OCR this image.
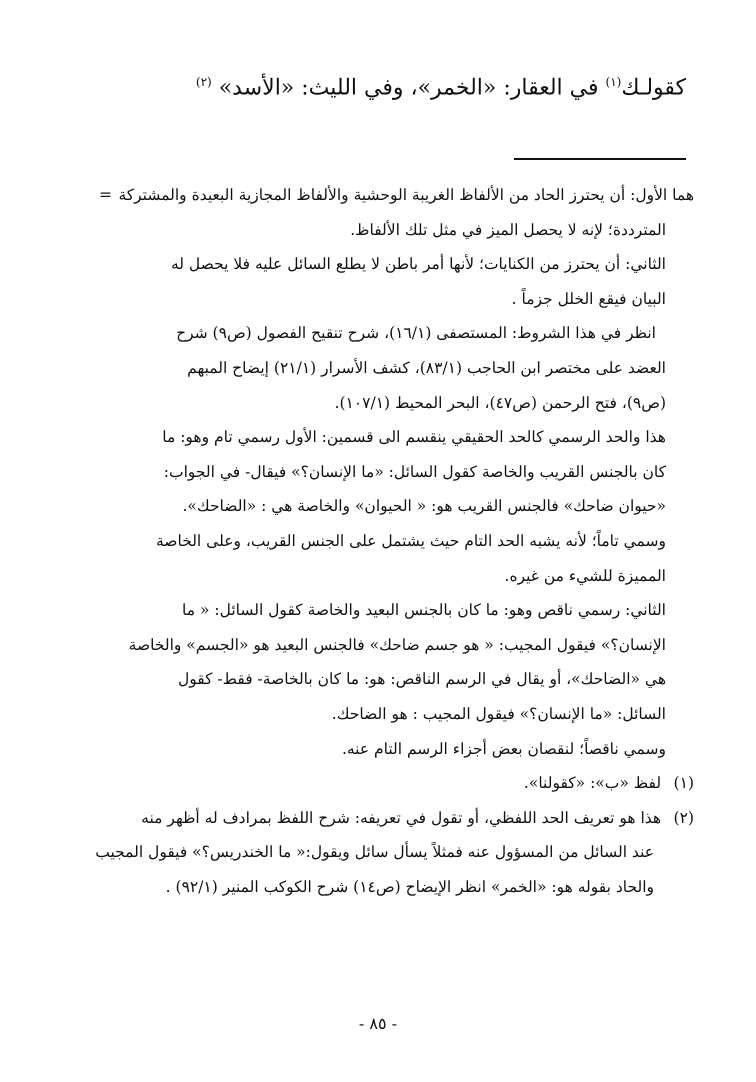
كقولـك$^{(١)}$ في العقار: «الخمر»، وفي الليث: «الأسد» $^{(٢)}$

هما الأول: أن يحترز الحاد من الألفاظ الغريبة الوحشية والألفاظ المجازية البعيدة والمشتركة =

المترددة؛ لإنه لا يحصل الميز في مثل تلك الألفاظ.

الثاني: أن يحترز من الكنايات؛ لأنها أمر باطن لا يطلع السائل عليه فلا يحصل له

البيان فيقع الخلل جزماً .

انظر في هذا الشروط: المستصفى (١٦/١)، شرح تنقيح الفصول (ص٩) شرح

العضد على مختصر ابن الحاجب (٨٣/١)، كشف الأسرار (٢١/١) إيضاح المبهم

(ص٩)، فتح الرحمن (ص٤٧)، البحر المحيط (١٠٧/١).

هذا والحد الرسمي كالحد الحقيقي ينقسم الى قسمين: الأول رسمي تام وهو: ما

كان بالجنس القريب والخاصة كقول السائل: «ما الإنسان؟» فيقال- في الجواب:

«حيوان ضاحك» فالجنس القريب هو: « الحيوان» والخاصة هي : «الضاحك».

وسمي تاماً؛ لأنه يشبه الحد التام حيث يشتمل على الجنس القريب، وعلى الخاصة

المميزة للشيء من غيره.

الثاني: رسمي ناقص وهو: ما كان بالجنس البعيد والخاصة كقول السائل: « ما

الإنسان؟» فيقول المجيب: « هو جسم ضاحك» فالجنس البعيد هو «الجسم» والخاصة

هي «الضاحك»، أو يقال في الرسم الناقص: هو: ما كان بالخاصة- فقط- كقول

السائل: «ما الإنسان؟» فيقول المجيب : هو الضاحك.

وسمي ناقصاً؛ لنقصان بعض أجزاء الرسم التام عنه.

(١) لفظ «ب»: «كقولنا».

(٢) هذا هو تعريف الحد اللفظي، أو تقول في تعريفه: شرح اللفظ بمرادف له أظهر منه

عند السائل من المسؤول عنه فمثلاً يسأل سائل ويقول:« ما الخندريس؟» فيقول المجيب

والحاد بقوله هو: «الخمر» انظر الإيضاح (ص١٤) شرح الكوكب المنير (٩٢/١) .

- ٨٥ -
